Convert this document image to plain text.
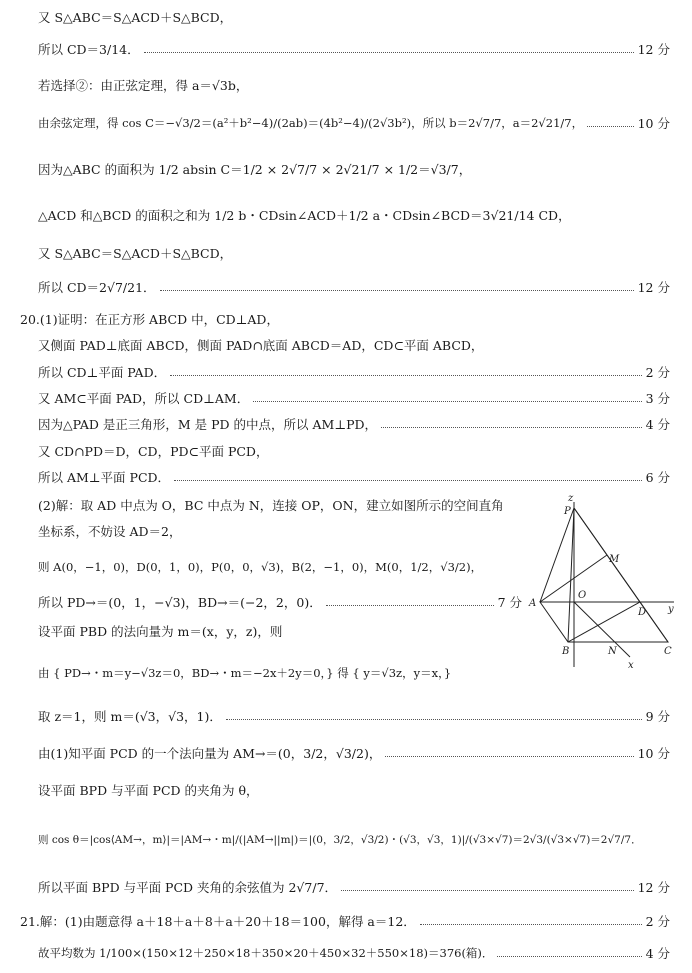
又 S△ABC＝S△ACD＋S△BCD，
所以 CD＝3/14．	12 分
若选择②：由正弦定理，得 a＝√3b，
由余弦定理，得 cos C＝−√3/2＝(a²＋b²−4)/(2ab)＝(4b²−4)/(2√3b²)，所以 b＝2√7/7，a＝2√21/7，	10 分
因为△ABC 的面积为 1/2 absin C＝1/2 × 2√7/7 × 2√21/7 × 1/2＝√3/7，
△ACD 和△BCD 的面积之和为 1/2 b・CDsin∠ACD＋1/2 a・CDsin∠BCD＝3√21/14 CD，
又 S△ABC＝S△ACD＋S△BCD，
所以 CD＝2√7/21．	12 分
20.(1)证明：在正方形 ABCD 中，CD⊥AD，
又侧面 PAD⊥底面 ABCD，侧面 PAD∩底面 ABCD＝AD，CD⊂平面 ABCD，
所以 CD⊥平面 PAD．	2 分
又 AM⊂平面 PAD，所以 CD⊥AM．	3 分
因为△PAD 是正三角形，M 是 PD 的中点，所以 AM⊥PD，	4 分
又 CD∩PD＝D，CD，PD⊂平面 PCD，
所以 AM⊥平面 PCD．	6 分
(2)解：取 AD 中点为 O，BC 中点为 N，连接 OP，ON，建立如图所示的空间直角
坐标系，不妨设 AD＝2，
则 A(0，−1，0)，D(0，1，0)，P(0，0，√3)，B(2，−1，0)，M(0，1/2，√3/2)，
所以 PD→＝(0，1，−√3)，BD→＝(−2，2，0)．	7 分
设平面 PBD 的法向量为 m＝(x，y，z)，则
由 { PD→・m＝y−√3z＝0，BD→・m＝−2x＋2y＝0，} 得 { y＝√3z，y＝x，}
取 z＝1，则 m＝(√3，√3，1)．	9 分
由(1)知平面 PCD 的一个法向量为 AM→＝(0，3/2，√3/2)，	10 分
设平面 BPD 与平面 PCD 的夹角为 θ，
则 cos θ＝|cos⟨AM→，m⟩|＝|AM→・m|/(|AM→||m|)＝|(0，3/2，√3/2)・(√3，√3，1)|/(√3×√7)＝2√3/(√3×√7)＝2√7/7．
所以平面 BPD 与平面 PCD 夹角的余弦值为 2√7/7．	12 分
21.解：(1)由题意得 a＋18＋a＋8＋a＋20＋18＝100，解得 a＝12．	2 分
故平均数为 1/100×(150×12＋250×18＋350×20＋450×32＋550×18)＝376(箱)．	4 分
z
P
M
O
A
D y
B	N	C
x
